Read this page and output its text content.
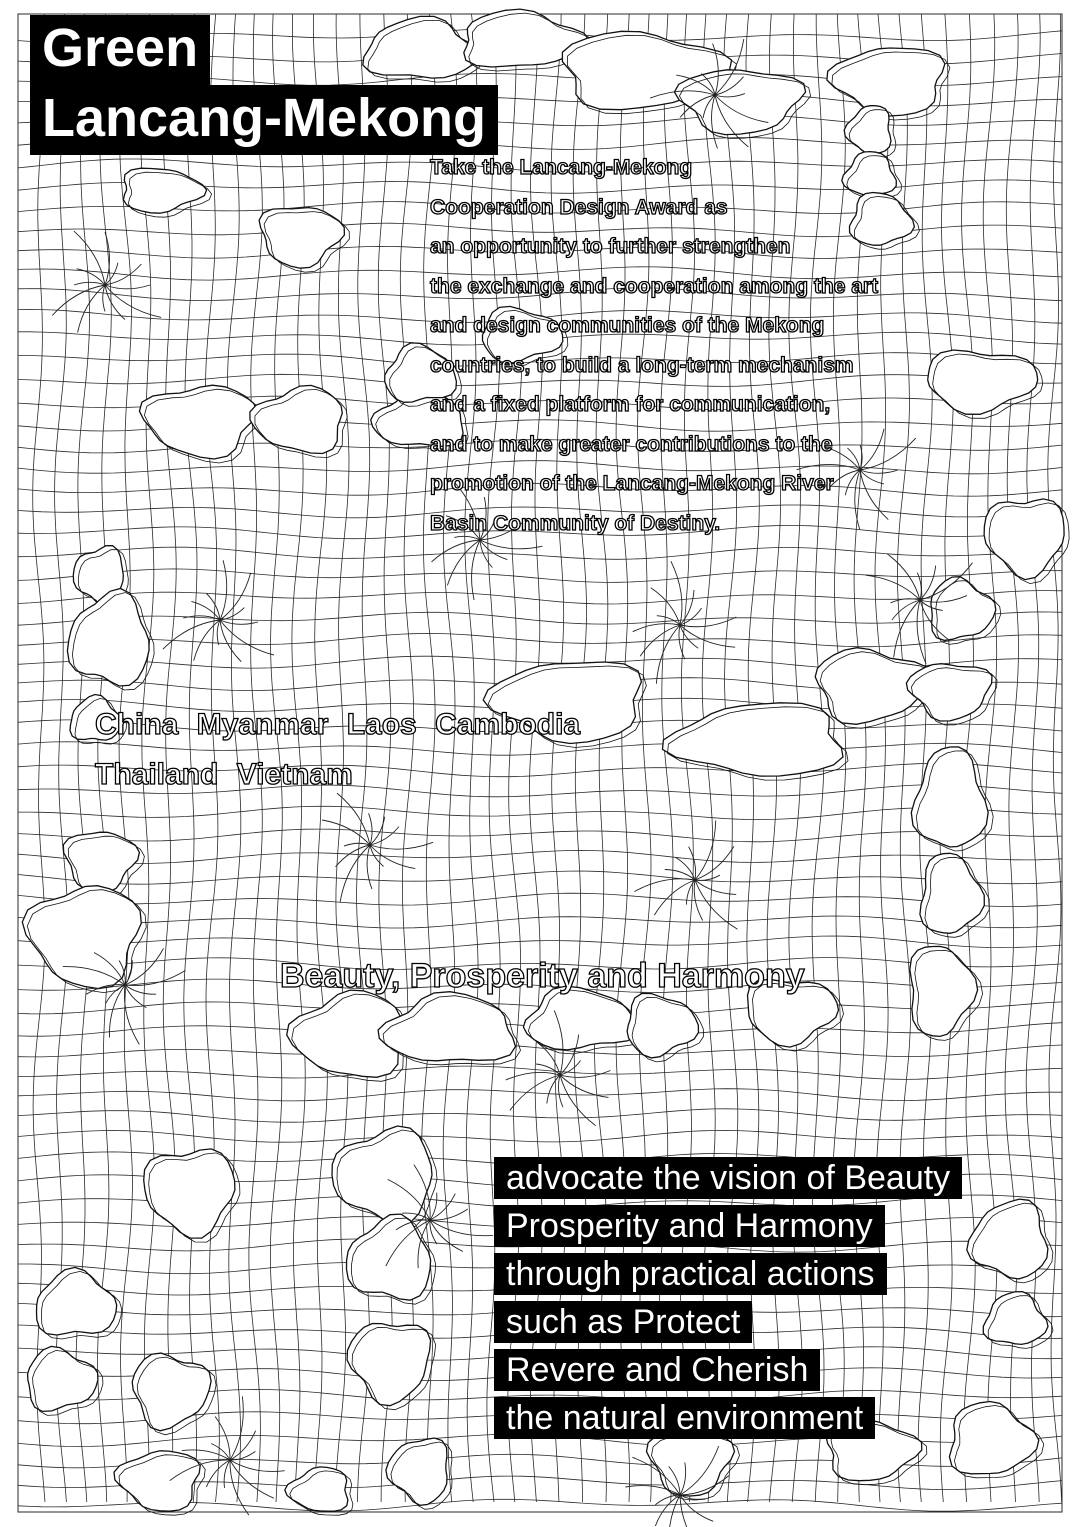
Green
Lancang-Mekong
Take the Lancang-Mekong
Cooperation Design Award as
an opportunity to further strengthen
the exchange and cooperation among the art
and design communities of the Mekong
countries, to build a long-term mechanism
and a fixed platform for communication,
and to make greater contributions to the
promotion of the Lancang-Mekong River
Basin Community of Destiny.
China Myanmar Laos Cambodia
Thailand Vietnam
Beauty, Prosperity and Harmony
advocate the vision of Beauty
Prosperity and Harmony
through practical actions
such as Protect
Revere and Cherish
the natural environment
